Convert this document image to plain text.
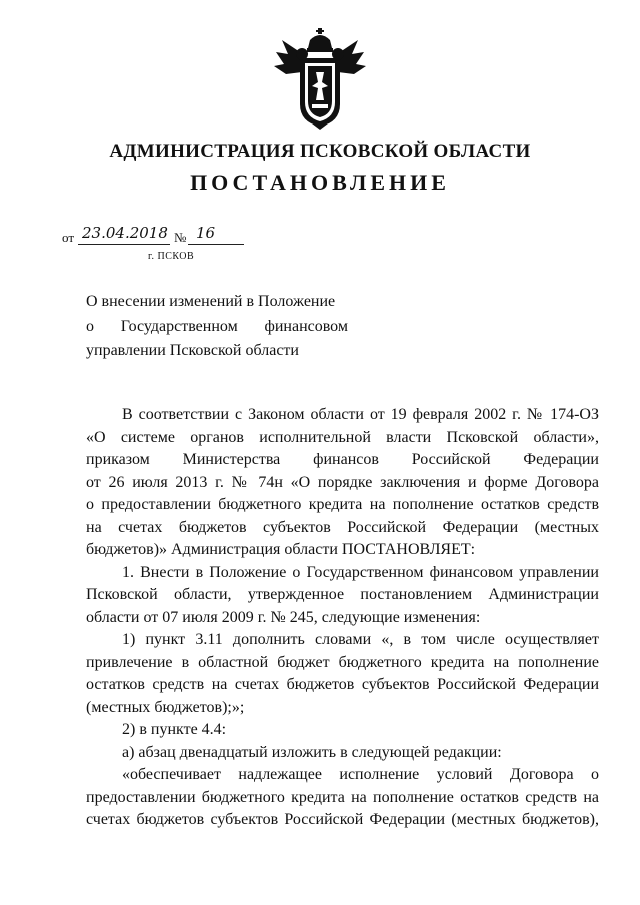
АДМИНИСТРАЦИЯ ПСКОВСКОЙ ОБЛАСТИ
ПОСТАНОВЛЕНИЕ
от 23.04.2018 № 16
г. ПСКОВ
О внесении изменений в Положение
о Государственном финансовом
управлении Псковской области
В соответствии с Законом области от 19 февраля 2002 г. № 174-ОЗ
«О системе органов исполнительной власти Псковской области»,
приказом Министерства финансов Российской Федерации
от 26 июля 2013 г. № 74н «О порядке заключения и форме Договора
о предоставлении бюджетного кредита на пополнение остатков средств
на счетах бюджетов субъектов Российской Федерации (местных
бюджетов)» Администрация области ПОСТАНОВЛЯЕТ:
1. Внести в Положение о Государственном финансовом управлении
Псковской области, утвержденное постановлением Администрации
области от 07 июля 2009 г. № 245, следующие изменения:
1) пункт 3.11 дополнить словами «, в том числе осуществляет
привлечение в областной бюджет бюджетного кредита на пополнение
остатков средств на счетах бюджетов субъектов Российской Федерации
(местных бюджетов);»;
2) в пункте 4.4:
а) абзац двенадцатый изложить в следующей редакции:
«обеспечивает надлежащее исполнение условий Договора о
предоставлении бюджетного кредита на пополнение остатков средств на
счетах бюджетов субъектов Российской Федерации (местных бюджетов),
